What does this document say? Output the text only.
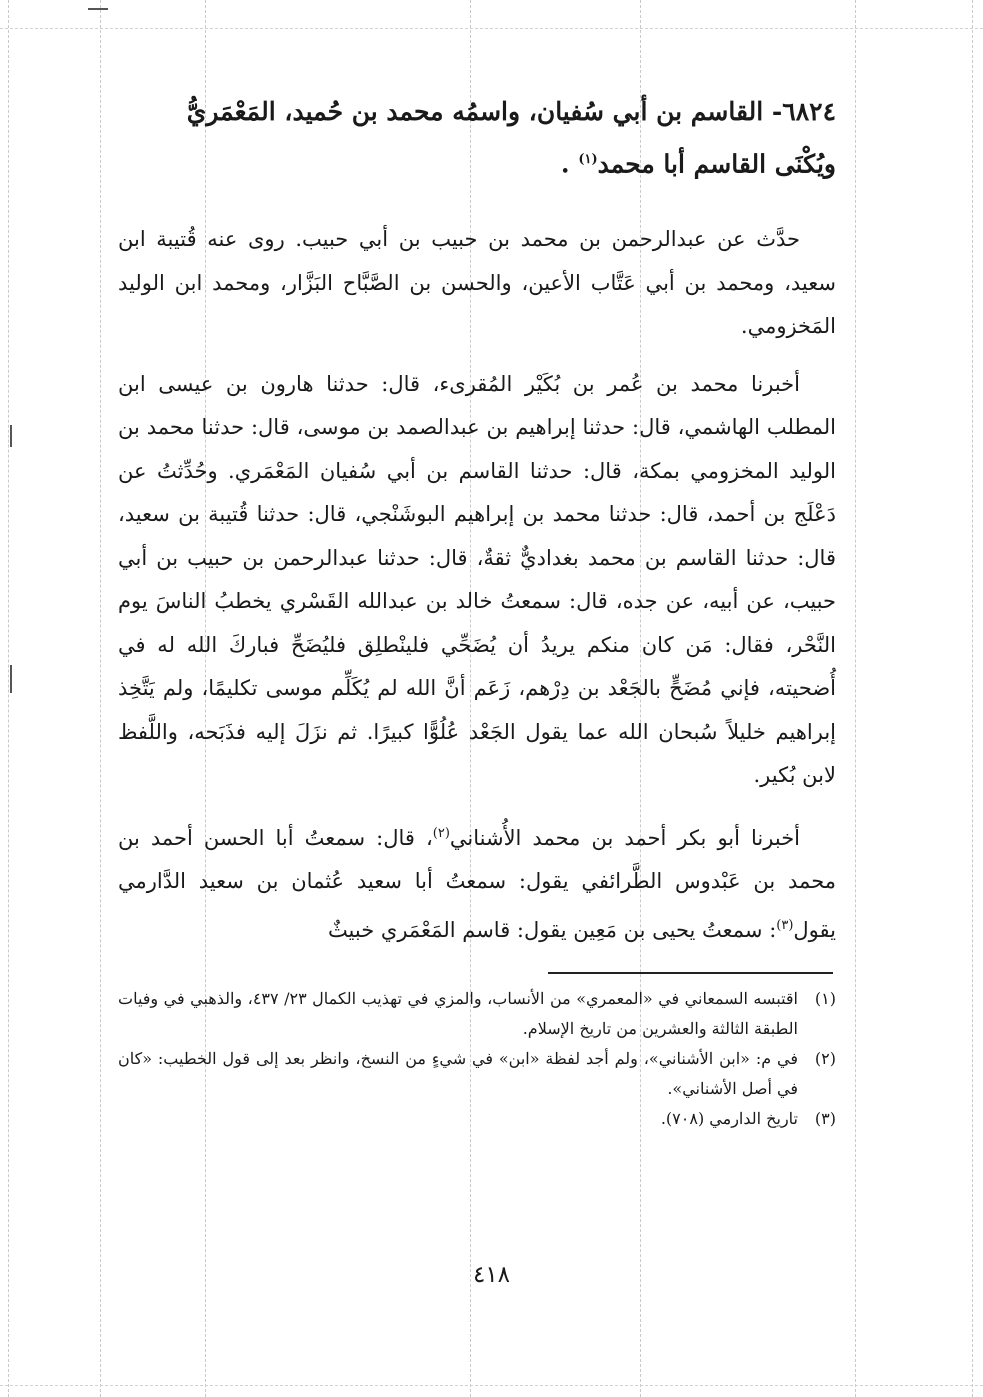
٦٨٢٤- القاسم بن أبي سُفيان، واسمُه محمد بن حُميد، المَعْمَريُّ
ويُكْنَى القاسم أبا محمد$^{(١)}$ .

حدَّث عن عبدالرحمن بن محمد بن حبيب بن أبي حبيب. روى عنه قُتيبة ابن سعيد، ومحمد بن أبي عَتَّاب الأعين، والحسن بن الصَّبَّاح البَزَّار، ومحمد ابن الوليد المَخزومي.

أخبرنا محمد بن عُمر بن بُكَيْر المُقرىء، قال: حدثنا هارون بن عيسى ابن المطلب الهاشمي، قال: حدثنا إبراهيم بن عبدالصمد بن موسى، قال: حدثنا محمد بن الوليد المخزومي بمكة، قال: حدثنا القاسم بن أبي سُفيان المَعْمَري. وحُدِّثتُ عن دَعْلَج بن أحمد، قال: حدثنا محمد بن إبراهيم البوشَنْجي، قال: حدثنا قُتيبة بن سعيد، قال: حدثنا القاسم بن محمد بغداديٌّ ثقةٌ، قال: حدثنا عبدالرحمن بن حبيب بن أبي حبيب، عن أبيه، عن جده، قال: سمعتُ خالد بن عبدالله القَسْري يخطبُ الناسَ يوم النَّحْر، فقال: مَن كان منكم يريدُ أن يُضَحِّي فلينْطلِق فليُضَحِّ فباركَ الله له في أُضحيته، فإني مُضَحٍّ بالجَعْد بن دِرْهم، زَعَم أنَّ الله لم يُكَلِّم موسى تكليمًا، ولم يَتَّخِذ إبراهيم خليلاً سُبحان الله عما يقول الجَعْد عُلُوًّا كبيرًا. ثم نزَلَ إليه فذَبَحه، واللَّفظ لابن بُكير.

أخبرنا أبو بكر أحمد بن محمد الأُشناني$^{(٢)}$، قال: سمعتُ أبا الحسن أحمد بن محمد بن عَبْدوس الطَّرائفي يقول: سمعتُ أبا سعيد عُثمان بن سعيد الدَّارمي يقول$^{(٣)}$: سمعتُ يحيى بن مَعِين يقول: قاسم المَعْمَري خبيثٌ

(١)
اقتبسه السمعاني في «المعمري» من الأنساب، والمزي في تهذيب الكمال ٢٣/ ٤٣٧، والذهبي في وفيات الطبقة الثالثة والعشرين من تاريخ الإسلام.
(٢)
في م: «ابن الأشناني»، ولم أجد لفظة «ابن» في شيءٍ من النسخ، وانظر بعد إلى قول الخطيب: «كان في أصل الأشناني».
(٣)
تاريخ الدارمي (٧٠٨).
٤١٨
